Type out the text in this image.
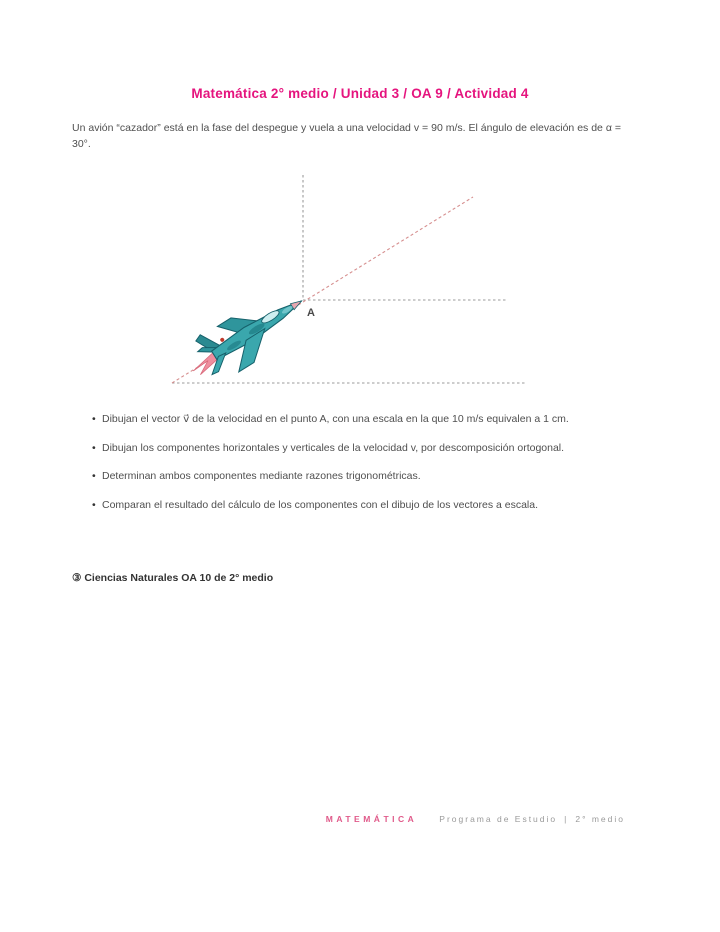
Matemática 2° medio / Unidad 3 / OA 9 / Actividad 4

Un avión “cazador” está en la fase del despegue y vuela a una velocidad v = 90 m/s. El ángulo de elevación es de α = 30°.

A
• Dibujan el vector v⃗ de la velocidad en el punto A, con una escala en la que 10 m/s equivalen a 1 cm.
• Dibujan los componentes horizontales y verticales de la velocidad v, por descomposición ortogonal.
• Determinan ambos componentes mediante razones trigonométricas.
• Comparan el resultado del cálculo de los componentes con el dibujo de los vectores a escala.

③ Ciencias Naturales OA 10 de 2° medio

MATEMÁTICA	Programa de Estudio | 2° medio
